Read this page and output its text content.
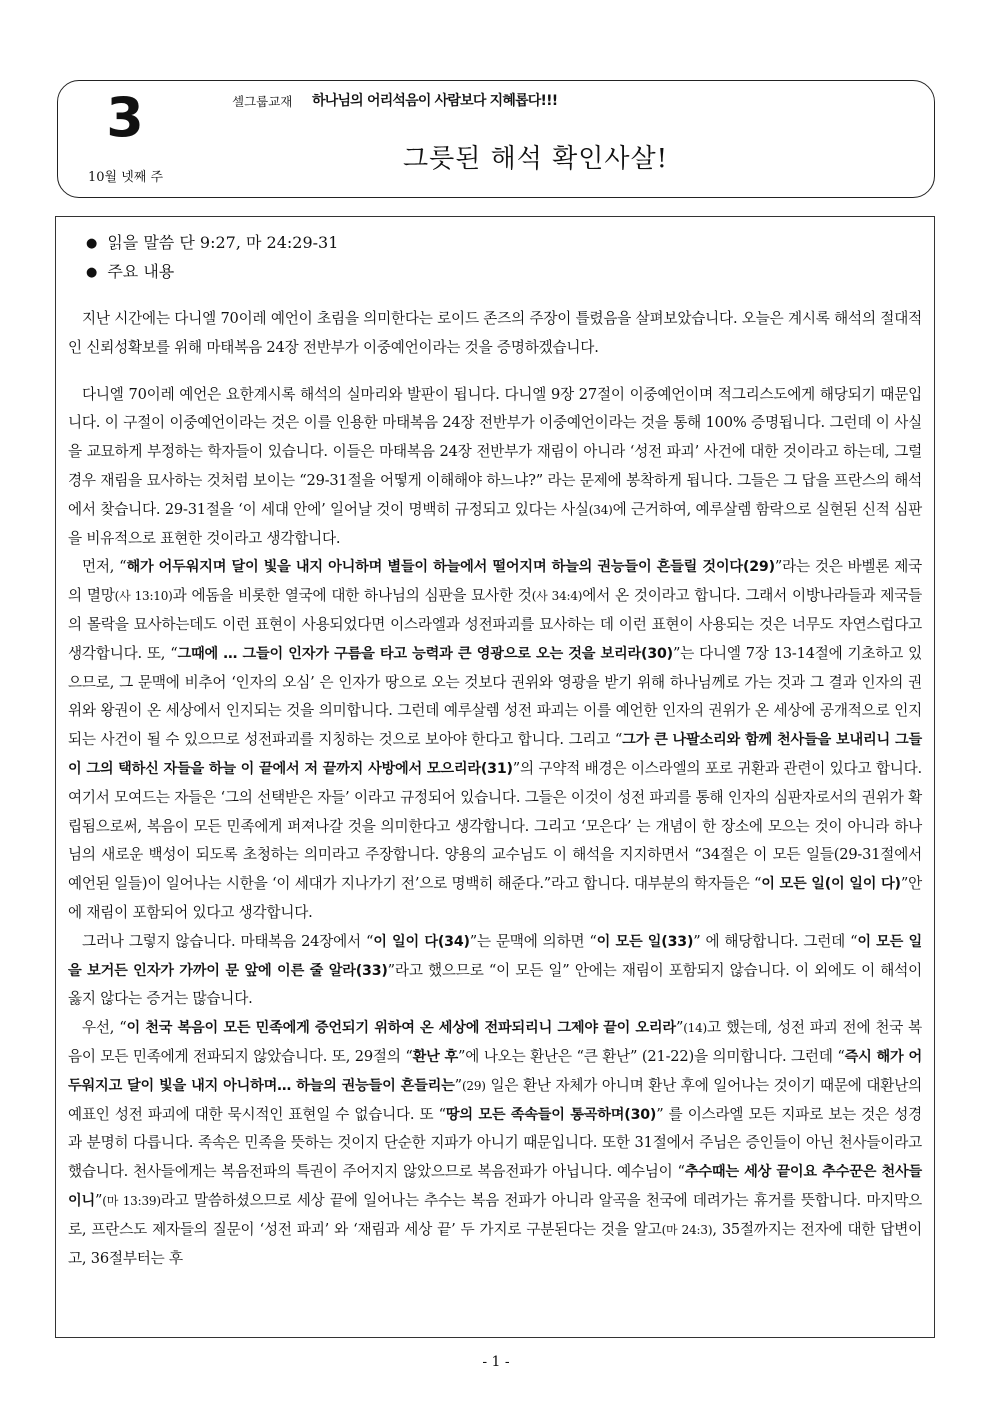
3
10월 넷째 주
셀그룹교재 하나님의 어리석음이 사람보다 지혜롭다!!!
그릇된 해석 확인사살!
● 읽을 말씀 단 9:27, 마 24:29-31
● 주요 내용

지난 시간에는 다니엘 70이레 예언이 초림을 의미한다는 로이드 존즈의 주장이 틀렸음을 살펴보았습니다. 오늘은 계시록 해석의 절대적인 신뢰성확보를 위해 마태복음 24장 전반부가 이중예언이라는 것을 증명하겠습니다.

다니엘 70이레 예언은 요한계시록 해석의 실마리와 발판이 됩니다. 다니엘 9장 27절이 이중예언이며 적그리스도에게 해당되기 때문입니다. 이 구절이 이중예언이라는 것은 이를 인용한 마태복음 24장 전반부가 이중예언이라는 것을 통해 100% 증명됩니다. 그런데 이 사실을 교묘하게 부정하는 학자들이 있습니다. 이들은 마태복음 24장 전반부가 재림이 아니라 ‘성전 파괴’ 사건에 대한 것이라고 하는데, 그럴 경우 재림을 묘사하는 것처럼 보이는 “29-31절을 어떻게 이해해야 하느냐?” 라는 문제에 봉착하게 됩니다. 그들은 그 답을 프란스의 해석에서 찾습니다. 29-31절을 ‘이 세대 안에’ 일어날 것이 명백히 규정되고 있다는 사실(34)에 근거하여, 예루살렘 함락으로 실현된 신적 심판을 비유적으로 표현한 것이라고 생각합니다.

먼저, “해가 어두워지며 달이 빛을 내지 아니하며 별들이 하늘에서 떨어지며 하늘의 권능들이 흔들릴 것이다(29)”라는 것은 바벨론 제국의 멸망(사 13:10)과 에돔을 비롯한 열국에 대한 하나님의 심판을 묘사한 것(사 34:4)에서 온 것이라고 합니다. 그래서 이방나라들과 제국들의 몰락을 묘사하는데도 이런 표현이 사용되었다면 이스라엘과 성전파괴를 묘사하는 데 이런 표현이 사용되는 것은 너무도 자연스럽다고 생각합니다. 또, “그때에 … 그들이 인자가 구름을 타고 능력과 큰 영광으로 오는 것을 보리라(30)”는 다니엘 7장 13-14절에 기초하고 있으므로, 그 문맥에 비추어 ‘인자의 오심’ 은 인자가 땅으로 오는 것보다 권위와 영광을 받기 위해 하나님께로 가는 것과 그 결과 인자의 권위와 왕권이 온 세상에서 인지되는 것을 의미합니다. 그런데 예루살렘 성전 파괴는 이를 예언한 인자의 권위가 온 세상에 공개적으로 인지되는 사건이 될 수 있으므로 성전파괴를 지칭하는 것으로 보아야 한다고 합니다. 그리고 “그가 큰 나팔소리와 함께 천사들을 보내리니 그들이 그의 택하신 자들을 하늘 이 끝에서 저 끝까지 사방에서 모으리라(31)”의 구약적 배경은 이스라엘의 포로 귀환과 관련이 있다고 합니다. 여기서 모여드는 자들은 ‘그의 선택받은 자들’ 이라고 규정되어 있습니다. 그들은 이것이 성전 파괴를 통해 인자의 심판자로서의 권위가 확립됨으로써, 복음이 모든 민족에게 퍼져나갈 것을 의미한다고 생각합니다. 그리고 ‘모은다’ 는 개념이 한 장소에 모으는 것이 아니라 하나님의 새로운 백성이 되도록 초청하는 의미라고 주장합니다. 양용의 교수님도 이 해석을 지지하면서 “34절은 이 모든 일들(29-31절에서 예언된 일들)이 일어나는 시한을 ‘이 세대가 지나가기 전’으로 명백히 해준다.”라고 합니다. 대부분의 학자들은 “이 모든 일(이 일이 다)”안에 재림이 포함되어 있다고 생각합니다.

그러나 그렇지 않습니다. 마태복음 24장에서 “이 일이 다(34)”는 문맥에 의하면 “이 모든 일(33)” 에 해당합니다. 그런데 “이 모든 일을 보거든 인자가 가까이 문 앞에 이른 줄 알라(33)”라고 했으므로 “이 모든 일” 안에는 재림이 포함되지 않습니다. 이 외에도 이 해석이 옳지 않다는 증거는 많습니다.

우선, “이 천국 복음이 모든 민족에게 증언되기 위하여 온 세상에 전파되리니 그제야 끝이 오리라”(14)고 했는데, 성전 파괴 전에 천국 복음이 모든 민족에게 전파되지 않았습니다. 또, 29절의 “환난 후”에 나오는 환난은 “큰 환난” (21-22)을 의미합니다. 그런데 “즉시 해가 어두워지고 달이 빛을 내지 아니하며… 하늘의 권능들이 흔들리는”(29) 일은 환난 자체가 아니며 환난 후에 일어나는 것이기 때문에 대환난의 예표인 성전 파괴에 대한 묵시적인 표현일 수 없습니다. 또 “땅의 모든 족속들이 통곡하며(30)” 를 이스라엘 모든 지파로 보는 것은 성경과 분명히 다릅니다. 족속은 민족을 뜻하는 것이지 단순한 지파가 아니기 때문입니다. 또한 31절에서 주님은 증인들이 아닌 천사들이라고 했습니다. 천사들에게는 복음전파의 특권이 주어지지 않았으므로 복음전파가 아닙니다. 예수님이 “추수때는 세상 끝이요 추수꾼은 천사들이니”(마 13:39)라고 말씀하셨으므로 세상 끝에 일어나는 추수는 복음 전파가 아니라 알곡을 천국에 데려가는 휴거를 뜻합니다. 마지막으로, 프란스도 제자들의 질문이 ‘성전 파괴’ 와 ‘재림과 세상 끝’ 두 가지로 구분된다는 것을 알고(마 24:3), 35절까지는 전자에 대한 답변이고, 36절부터는 후

- 1 -
